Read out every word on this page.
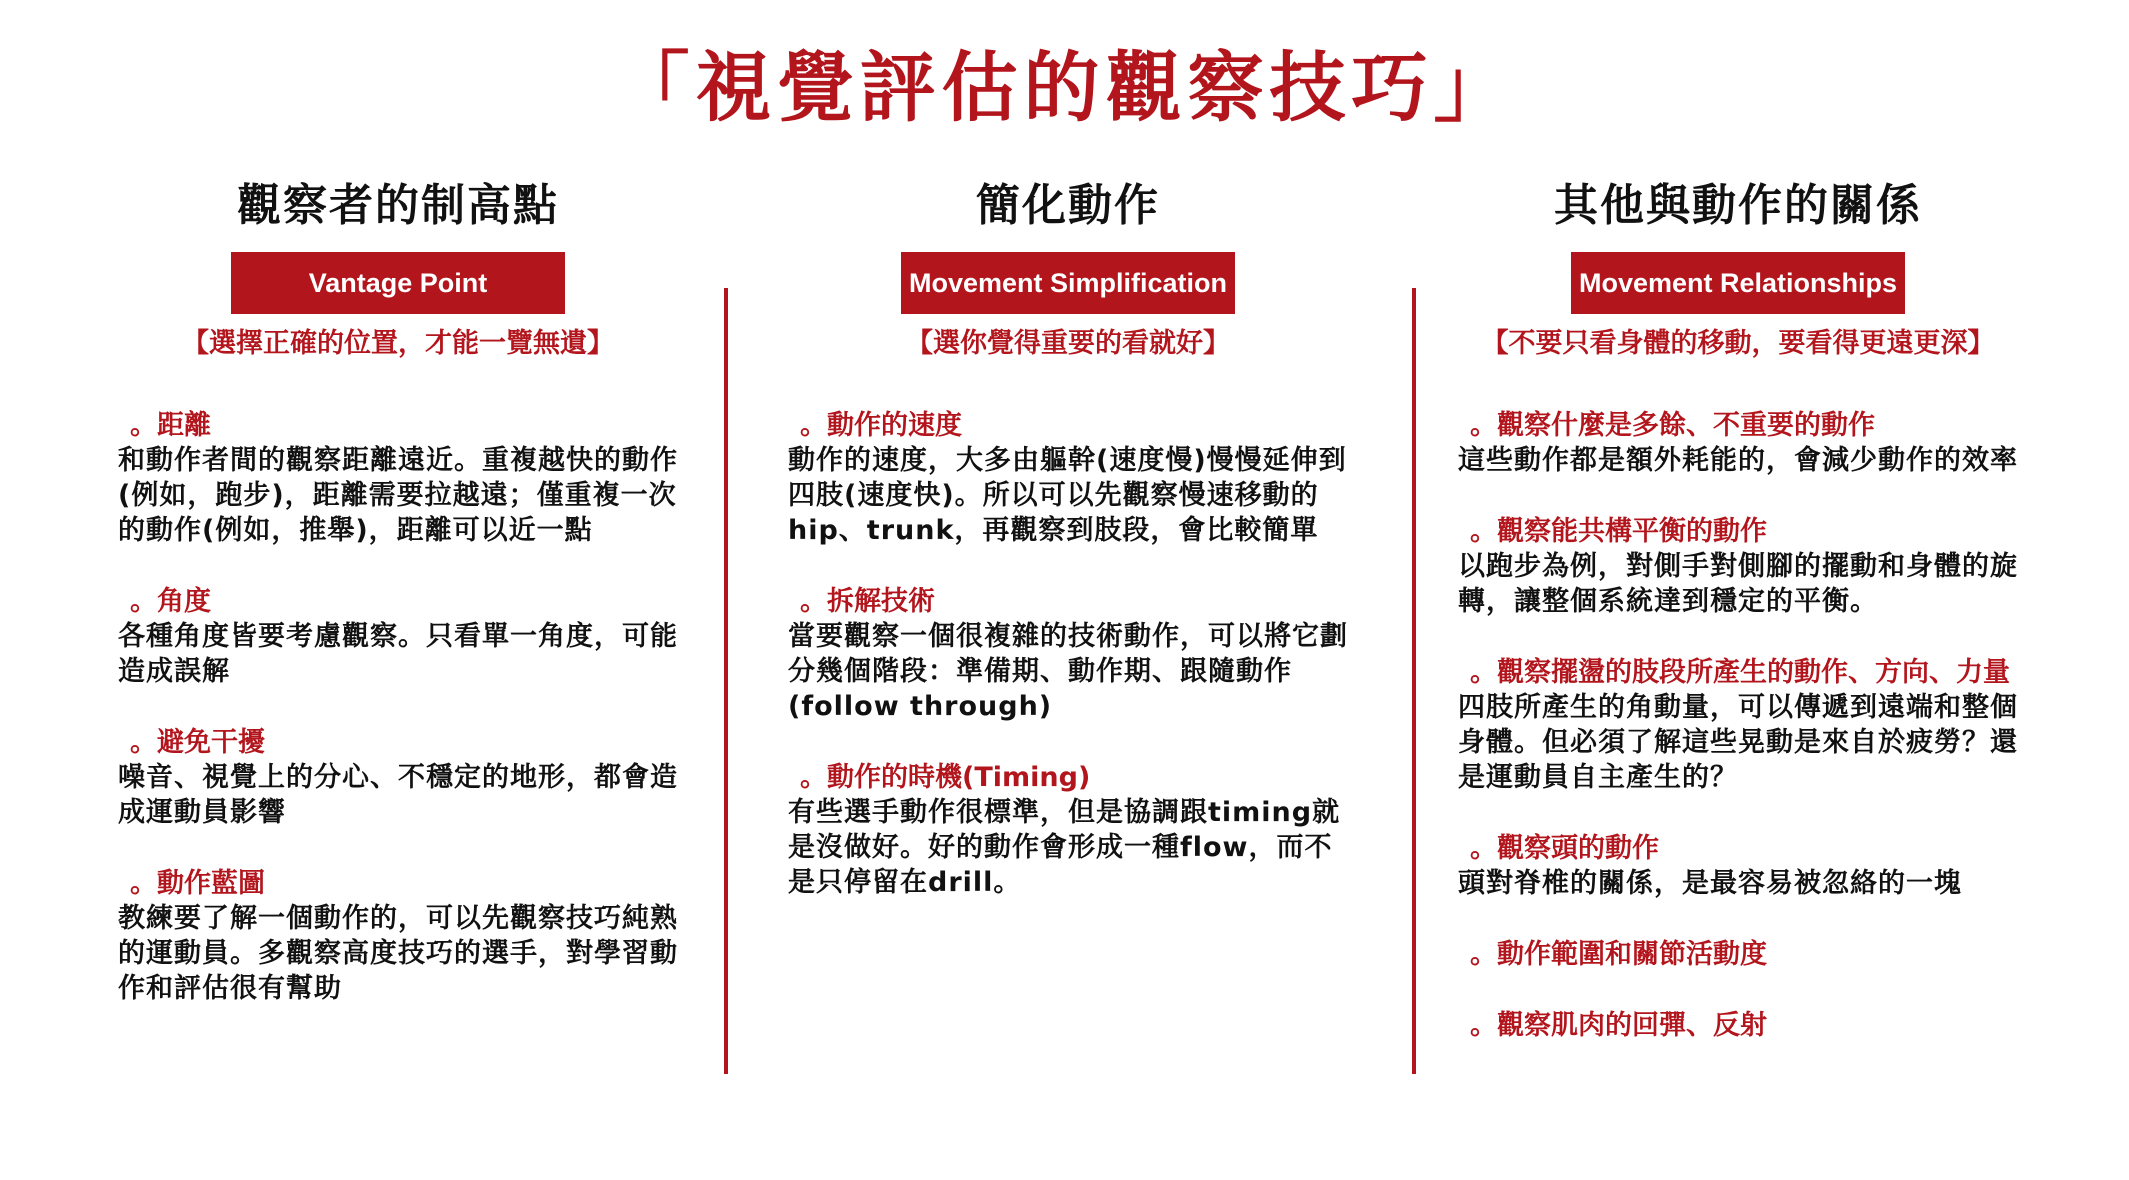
「視覺評估的觀察技巧」
觀察者的制高點
Vantage Point
【選擇正確的位置，才能一覽無遺】
。距離
和動作者間的觀察距離遠近。重複越快的動作(例如，跑步)，距離需要拉越遠；僅重複一次的動作(例如，推舉)，距離可以近一點
。角度
各種角度皆要考慮觀察。只看單一角度，可能造成誤解
。避免干擾
噪音、視覺上的分心、不穩定的地形，都會造成運動員影響
。動作藍圖
教練要了解一個動作的，可以先觀察技巧純熟的運動員。多觀察高度技巧的選手，對學習動作和評估很有幫助
簡化動作
Movement Simplification
【選你覺得重要的看就好】
。動作的速度
動作的速度，大多由軀幹(速度慢)慢慢延伸到四肢(速度快)。所以可以先觀察慢速移動的hip、trunk，再觀察到肢段，會比較簡單
。拆解技術
當要觀察一個很複雜的技術動作，可以將它劃分幾個階段：準備期、動作期、跟隨動作(follow through)
。動作的時機(Timing)
有些選手動作很標準，但是協調跟timing就是沒做好。好的動作會形成一種flow，而不是只停留在drill。
其他與動作的關係
Movement Relationships
【不要只看身體的移動，要看得更遠更深】
。觀察什麼是多餘、不重要的動作
這些動作都是額外耗能的，會減少動作的效率
。觀察能共構平衡的動作
以跑步為例，對側手對側腳的擺動和身體的旋轉，讓整個系統達到穩定的平衡。
。觀察擺盪的肢段所產生的動作、方向、力量
四肢所產生的角動量，可以傳遞到遠端和整個身體。但必須了解這些晃動是來自於疲勞？還是運動員自主產生的？
。觀察頭的動作
頭對脊椎的關係，是最容易被忽絡的一塊
。動作範圍和關節活動度
。觀察肌肉的回彈、反射
